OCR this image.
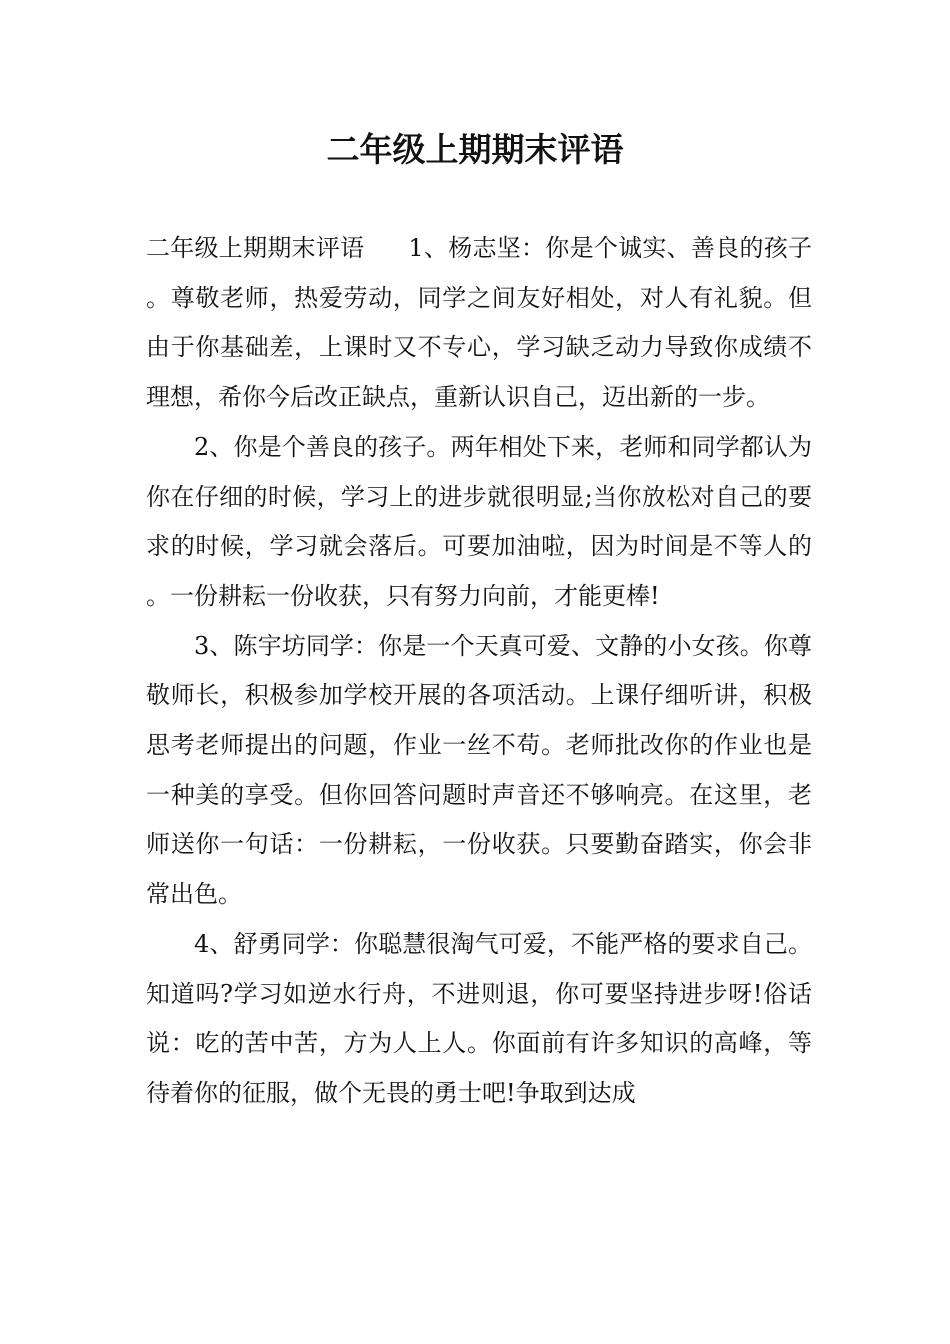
二年级上期期末评语

二年级上期期末评语 1、杨志坚：你是个诚实、善良的孩子。尊敬老师，热爱劳动，同学之间友好相处，对人有礼貌。但由于你基础差，上课时又不专心，学习缺乏动力导致你成绩不理想，希你今后改正缺点，重新认识自己，迈出新的一步。

2、你是个善良的孩子。两年相处下来，老师和同学都认为你在仔细的时候，学习上的进步就很明显;当你放松对自己的要求的时候，学习就会落后。可要加油啦，因为时间是不等人的。一份耕耘一份收获，只有努力向前，才能更棒!

3、陈宇坊同学：你是一个天真可爱、文静的小女孩。你尊敬师长，积极参加学校开展的各项活动。上课仔细听讲，积极思考老师提出的问题，作业一丝不苟。老师批改你的作业也是一种美的享受。但你回答问题时声音还不够响亮。在这里，老师送你一句话：一份耕耘，一份收获。只要勤奋踏实，你会非常出色。

4、舒勇同学：你聪慧很淘气可爱，不能严格的要求自己。知道吗?学习如逆水行舟，不进则退，你可要坚持进步呀!俗话说：吃的苦中苦，方为人上人。你面前有许多知识的高峰，等待着你的征服，做个无畏的勇士吧!争取到达成
